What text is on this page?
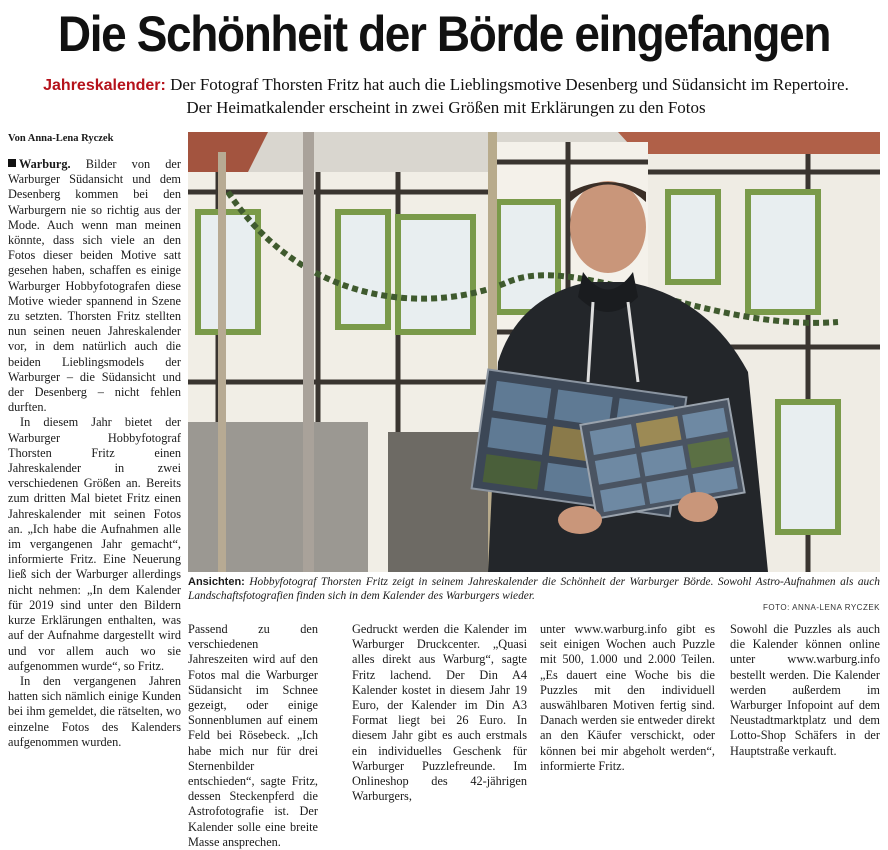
Die Schönheit der Börde eingefangen
Jahreskalender: Der Fotograf Thorsten Fritz hat auch die Lieblingsmotive Desenberg und Südansicht im Repertoire. Der Heimatkalender erscheint in zwei Größen mit Erklärungen zu den Fotos
Von Anna-Lena Ryczek

Warburg. Bilder von der Warburger Südansicht und dem Desenberg kommen bei den Warburgern nie so richtig aus der Mode. Auch wenn man meinen könnte, dass sich viele an den Fotos dieser beiden Motive satt gesehen haben, schaffen es einige Warburger Hobbyfotografen diese Motive wieder spannend in Szene zu setzten. Thorsten Fritz stellten nun seinen neuen Jahreskalender vor, in dem natürlich auch die beiden Lieblingsmodels der Warburger – die Südansicht und der Desenberg – nicht fehlen durften.

In diesem Jahr bietet der Warburger Hobbyfotograf Thorsten Fritz einen Jahreskalender in zwei verschiedenen Größen an. Bereits zum dritten Mal bietet Fritz einen Jahreskalender mit seinen Fotos an. „Ich habe die Aufnahmen alle im vergangenen Jahr gemacht“, informierte Fritz. Eine Neuerung ließ sich der Warburger allerdings nicht nehmen: „In dem Kalender für 2019 sind unter den Bildern kurze Erklärungen enthalten, was auf der Aufnahme dargestellt wird und vor allem auch wo sie aufgenommen wurde“, so Fritz.

In den vergangenen Jahren hatten sich nämlich einige Kunden bei ihm gemeldet, die rätselten, wo einzelne Fotos des Kalenders aufgenommen wurden.

Ansichten: Hobbyfotograf Thorsten Fritz zeigt in seinem Jahreskalender die Schönheit der Warburger Börde. Sowohl Astro-Aufnahmen als auch Landschaftsfotografien finden sich in dem Kalender des Warburgers wieder.
FOTO: ANNA-LENA RYCZEK

Passend zu den verschiedenen Jahreszeiten wird auf den Fotos mal die Warburger Südansicht im Schnee gezeigt, oder einige Sonnenblumen auf einem Feld bei Rösebeck. „Ich habe mich nur für drei Sternenbilder entschieden“, sagte Fritz, dessen Steckenpferd die Astrofotografie ist. Der Kalender solle eine breite Masse ansprechen.

Gedruckt werden die Kalender im Warburger Druckcenter. „Quasi alles direkt aus Warburg“, sagte Fritz lachend. Der Din A4 Kalender kostet in diesem Jahr 19 Euro, der Kalender im Din A3 Format liegt bei 26 Euro. In diesem Jahr gibt es auch erstmals ein individuelles Geschenk für Warburger Puzzlefreunde. Im Onlineshop des 42-jährigen Warburgers,

unter www.warburg.info gibt es seit einigen Wochen auch Puzzle mit 500, 1.000 und 2.000 Teilen. „Es dauert eine Woche bis die Puzzles mit den individuell auswählbaren Motiven fertig sind. Danach werden sie entweder direkt an den Käufer verschickt, oder können bei mir abgeholt werden“, informierte Fritz.

Sowohl die Puzzles als auch die Kalender können online unter www.warburg.info bestellt werden. Die Kalender werden außerdem im Warburger Infopoint auf dem Neustadtmarktplatz und dem Lotto-Shop Schäfers in der Hauptstraße verkauft.
